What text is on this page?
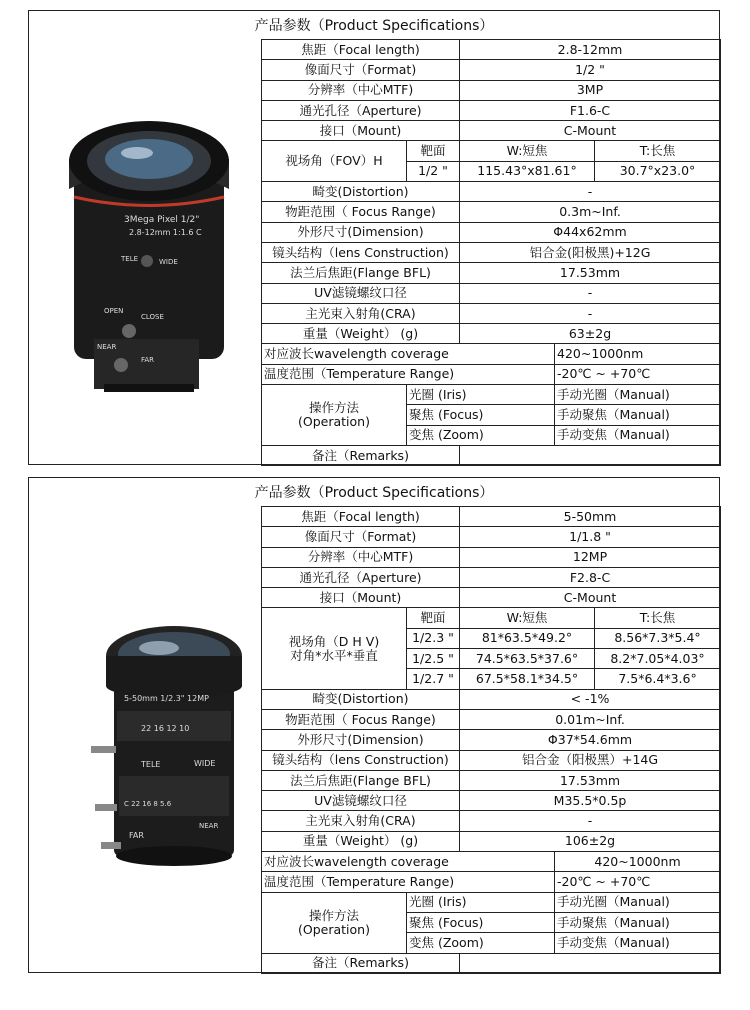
产品参数（Product Specifications）
3Mega Pixel 1/2"
2.8-12mm 1:1.6 C
TELE	WIDE
OPEN
CLOSE
NEAR
FAR
焦距（Focal length)		2.8-12mm		
像面尺寸（Format)		1/2 "		
分辨率（中心MTF)		3MP		
通光孔径（Aperture)		F1.6-C		
接口（Mount)		C-Mount		
视场角（FOV）H	靶面	W:短焦		T:长焦
	1/2 "	115.43°x81.61°		30.7°x23.0°
畸变(Distortion)		-		
物距范围（ Focus Range)		0.3m~Inf.		
外形尺寸(Dimension)		Φ44x62mm		
镜头结构（lens Construction)		铝合金(阳极黑)+12G		
法兰后焦距(Flange BFL)		17.53mm		
UV滤镜螺纹口径		-		
主光束入射角(CRA)		-		
重量（Weight） (g)		63±2g		
对应波长wavelength coverage			420~1000nm	
温度范围（Temperature Range)			-20℃ ~ +70℃	

操作方法
(Operation)	光圈 (Iris)		手动光圈（Manual)	
	聚焦 (Focus)		手动聚焦（Manual)	
	变焦 (Zoom)		手动变焦（Manual)	
备注（Remarks)				
产品参数（Product Specifications）
5-50mm 1/2.3" 12MP
22 16 12 10
TELE	WIDE
C 22 16 8 5.6
FAR
NEAR
焦距（Focal length)		5-50mm		
像面尺寸（Format)		1/1.8 "		
分辨率（中心MTF)		12MP		
通光孔径（Aperture)		F2.8-C		
接口（Mount)		C-Mount		

视场角（D H V)
对角*水平*垂直	靶面	W:短焦		T:长焦
	1/2.3 "	81*63.5*49.2°		8.56*7.3*5.4°
	1/2.5 "	74.5*63.5*37.6°		8.2*7.05*4.03°
	1/2.7 "	67.5*58.1*34.5°		7.5*6.4*3.6°
畸变(Distortion)		< -1%		
物距范围（ Focus Range)		0.01m~Inf.		
外形尺寸(Dimension)		Φ37*54.6mm		
镜头结构（lens Construction)		铝合金（阳极黑）+14G		
法兰后焦距(Flange BFL)		17.53mm		
UV滤镜螺纹口径		M35.5*0.5p		
主光束入射角(CRA)		-		
重量（Weight） (g)		106±2g		
对应波长wavelength coverage			420~1000nm	
温度范围（Temperature Range)			-20℃ ~ +70℃	

操作方法
(Operation)	光圈 (Iris)		手动光圈（Manual)	
	聚焦 (Focus)		手动聚焦（Manual)	
	变焦 (Zoom)		手动变焦（Manual)	
备注（Remarks)				
